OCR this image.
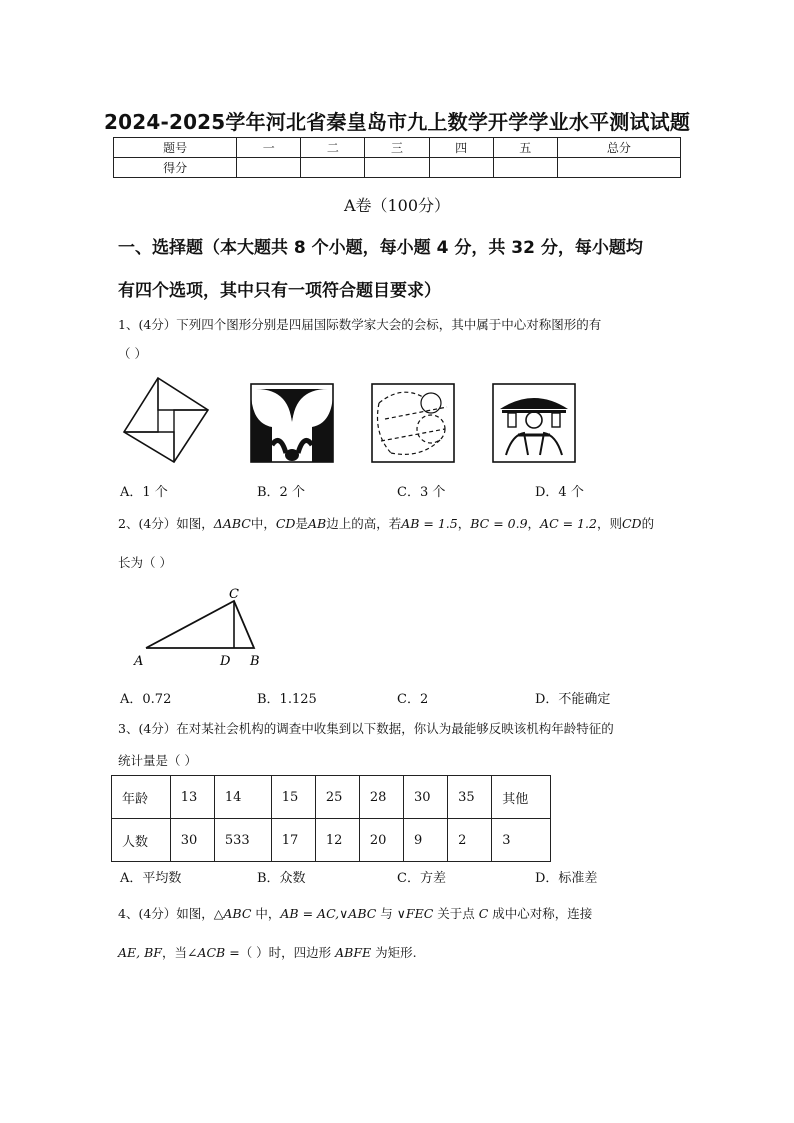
2024-2025学年河北省秦皇岛市九上数学开学学业水平测试试题
题号	一	二	三	四	五	总分
得分						
A卷（100分）
一、选择题（本大题共 8 个小题，每小题 4 分，共 32 分，每小题均
有四个选项，其中只有一项符合题目要求）
1、(4分）下列四个图形分别是四届国际数学家大会的会标，其中属于中心对称图形的有
（ ）
A．1 个	B．2 个	C．3 个	D．4 个
2、(4分）如图，ΔABC中，CD是AB边上的高，若AB = 1.5，BC = 0.9，AC = 1.2，则CD的
长为（ ）
A
C
D B
A．0.72	B．1.125	C．2	D．不能确定
3、(4分）在对某社会机构的调查中收集到以下数据，你认为最能够反映该机构年龄特征的
统计量是（ ）
年龄	13	14	15	25	28	30	35	其他
人数	30	533	17	12	20	9	2	3
A．平均数	B．众数	C．方差	D．标准差
4、(4分）如图，△ABC 中，AB = AC,∨ABC 与 ∨FEC 关于点 C 成中心对称，连接
AE, BF，当∠ACB =（ ）时，四边形 ABFE 为矩形.
